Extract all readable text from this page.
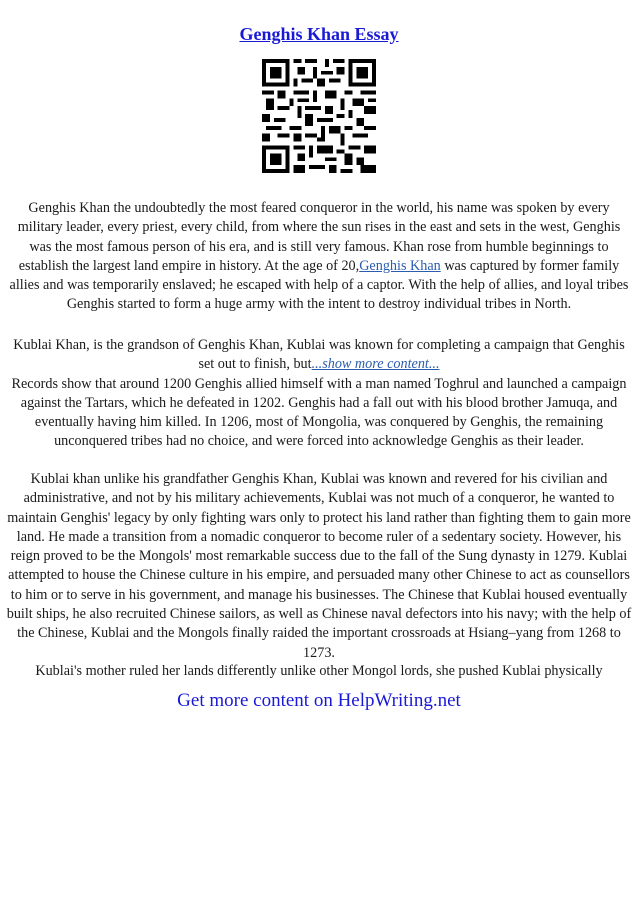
Genghis Khan Essay
Genghis Khan the undoubtedly the most feared conqueror in the world, his name was spoken by every military leader, every priest, every child, from where the sun rises in the east and sets in the west, Genghis was the most famous person of his era, and is still very famous. Khan rose from humble beginnings to establish the largest land empire in history. At the age of 20,Genghis Khan was captured by former family allies and was temporarily enslaved; he escaped with help of a captor. With the help of allies, and loyal tribes Genghis started to form a huge army with the intent to destroy individual tribes in North.
Kublai Khan, is the grandson of Genghis Khan, Kublai was known for completing a campaign that Genghis set out to finish, but...show more content...
Records show that around 1200 Genghis allied himself with a man named Toghrul and launched a campaign against the Tartars, which he defeated in 1202. Genghis had a fall out with his blood brother Jamuqa, and eventually having him killed. In 1206, most of Mongolia, was conquered by Genghis, the remaining unconquered tribes had no choice, and were forced into acknowledge Genghis as their leader.
Kublai khan unlike his grandfather Genghis Khan, Kublai was known and revered for his civilian and administrative, and not by his military achievements, Kublai was not much of a conqueror, he wanted to maintain Genghis' legacy by only fighting wars only to protect his land rather than fighting them to gain more land. He made a transition from a nomadic conqueror to become ruler of a sedentary society. However, his reign proved to be the Mongols' most remarkable success due to the fall of the Sung dynasty in 1279. Kublai attempted to house the Chinese culture in his empire, and persuaded many other Chinese to act as counsellors to him or to serve in his government, and manage his businesses. The Chinese that Kublai housed eventually built ships, he also recruited Chinese sailors, as well as Chinese naval defectors into his navy; with the help of the Chinese, Kublai and the Mongols finally raided the important crossroads at Hsiang–yang from 1268 to 1273.
Kublai's mother ruled her lands differently unlike other Mongol lords, she pushed Kublai physically
Get more content on HelpWriting.net
